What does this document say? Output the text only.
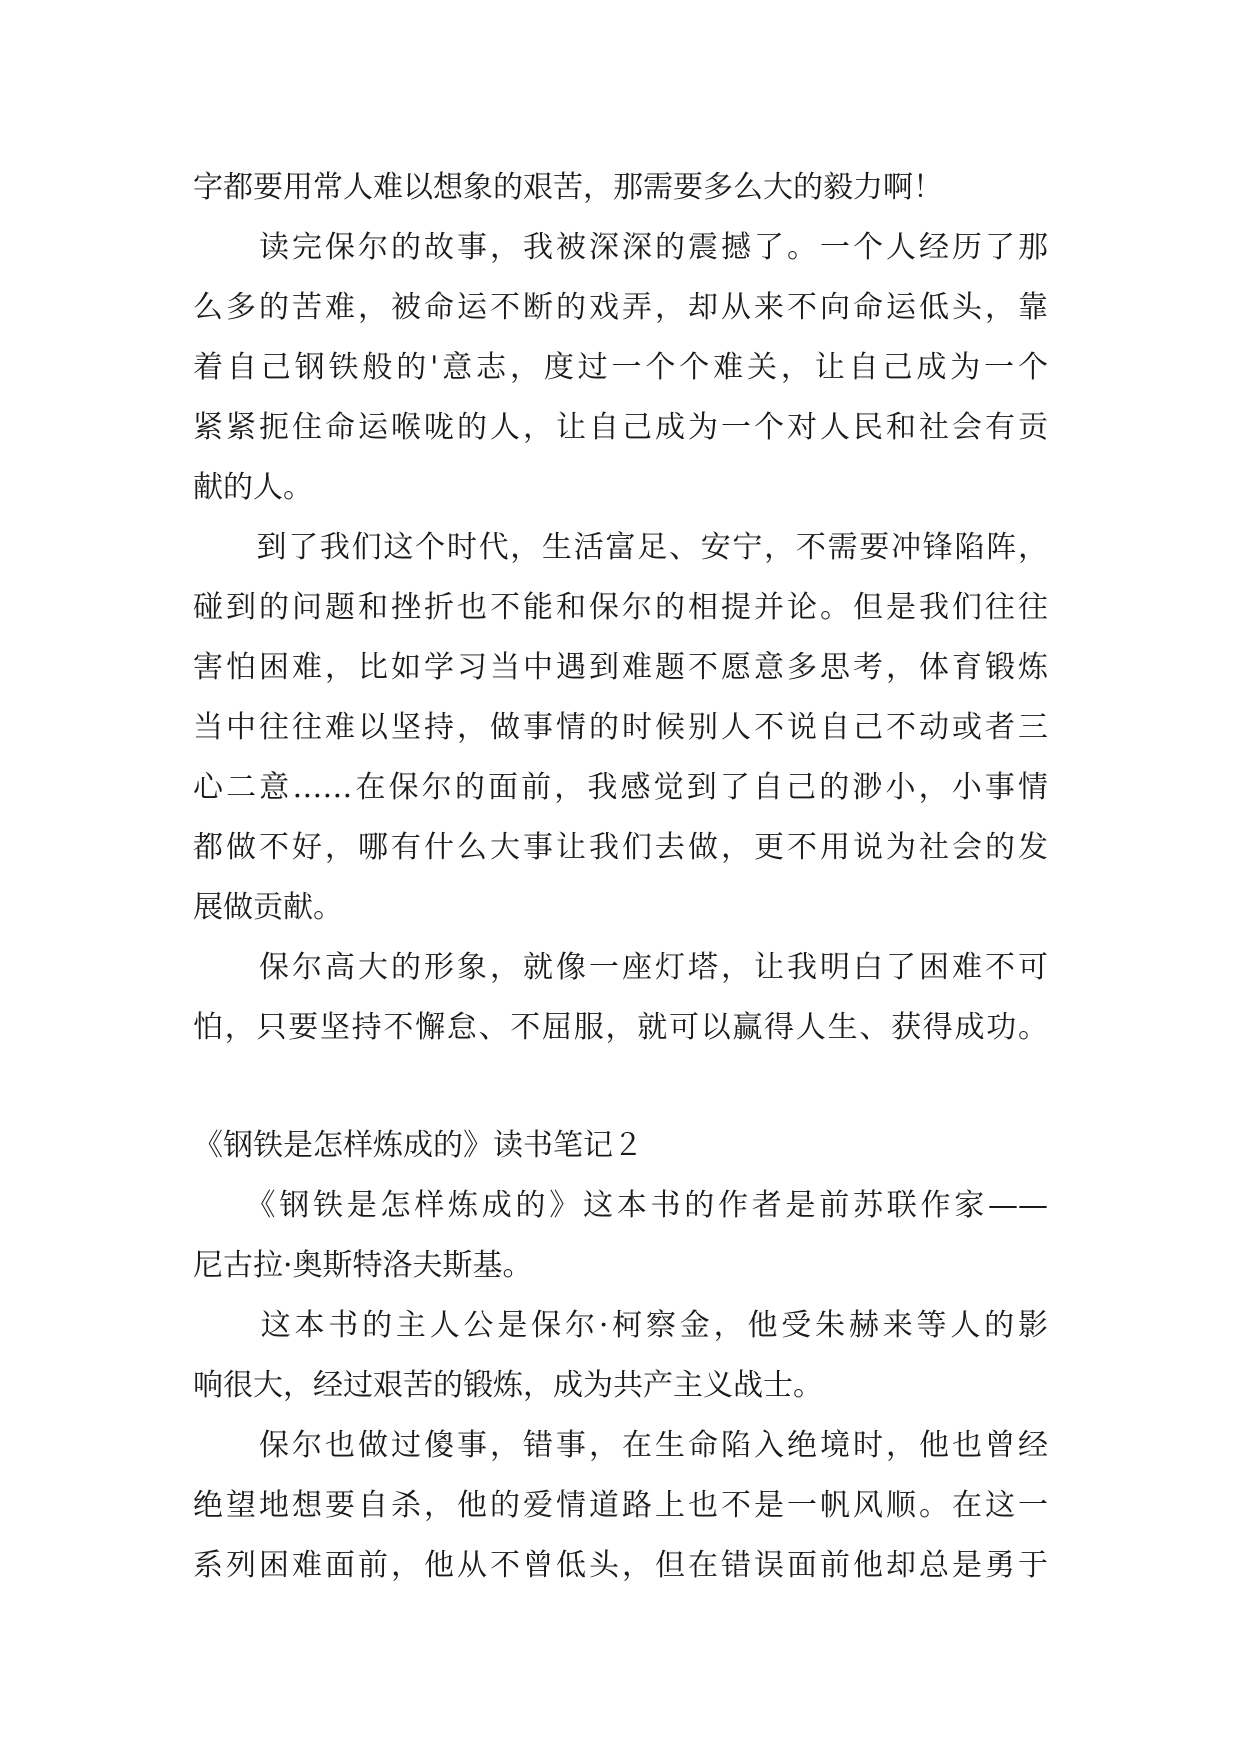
字都要用常人难以想象的艰苦，那需要多么大的毅力啊！
　　读完保尔的故事，我被深深的震撼了。一个人经历了那
么多的苦难，被命运不断的戏弄，却从来不向命运低头，靠
着自己钢铁般的'意志，度过一个个难关，让自己成为一个
紧紧扼住命运喉咙的人，让自己成为一个对人民和社会有贡
献的人。
　　到了我们这个时代，生活富足、安宁，不需要冲锋陷阵，
碰到的问题和挫折也不能和保尔的相提并论。但是我们往往
害怕困难，比如学习当中遇到难题不愿意多思考，体育锻炼
当中往往难以坚持，做事情的时候别人不说自己不动或者三
心二意……在保尔的面前，我感觉到了自己的渺小，小事情
都做不好，哪有什么大事让我们去做，更不用说为社会的发
展做贡献。
　　保尔高大的形象，就像一座灯塔，让我明白了困难不可
怕，只要坚持不懈怠、不屈服，就可以赢得人生、获得成功。
《钢铁是怎样炼成的》读书笔记２
　　《钢铁是怎样炼成的》这本书的作者是前苏联作家——
尼古拉·奥斯特洛夫斯基。
　　这本书的主人公是保尔·柯察金，他受朱赫来等人的影
响很大，经过艰苦的锻炼，成为共产主义战士。
　　保尔也做过傻事，错事，在生命陷入绝境时，他也曾经
绝望地想要自杀，他的爱情道路上也不是一帆风顺。在这一
系列困难面前，他从不曾低头，但在错误面前他却总是勇于
